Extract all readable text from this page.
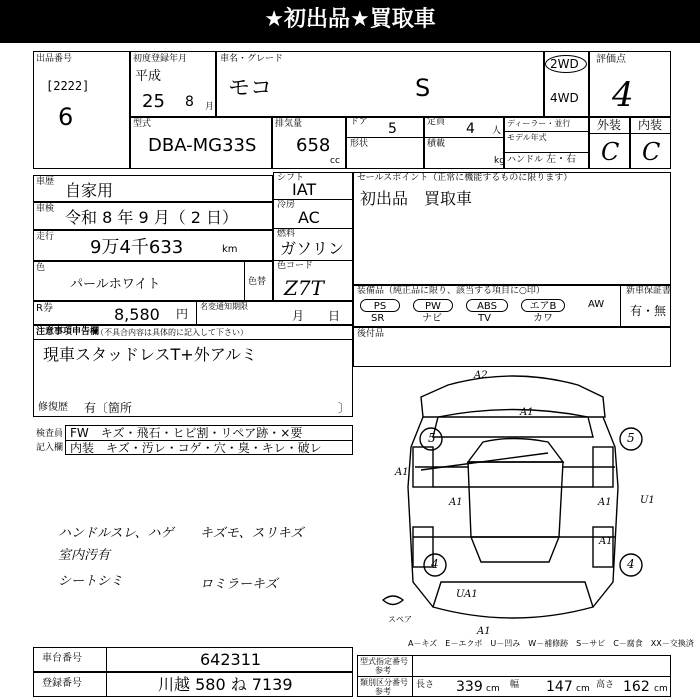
★初出品★買取車
出品番号
[2222]
6
初度登録年月
平成
25 8 月
車名・グレード
モコ	S
2WD
4WD
評価点
4
外装 内装
C C
型式
DBA-MG33S
排気量
658
cc
ドア 5
形状
定員 4 人
積載
kg
ディーラー・並行
モデル年式
ハンドル 左・右
車歴 自家用
車検 令和 8 年 9 月（ 2 日）
走行 9万4千633	km
色
パールホワイト	色替
R券	8,580 円
名変通知期限
月 日
シフト
IAT
冷房
AC
燃料
ガソリン
色コード
Z7T
注意事項申告欄
（不具合内容は具体的に記入して下さい）
現車スタッドレスT+外アルミ
修復歴 有〔箇所	〕
検査員
記入欄
FW　キズ・飛石・ヒビ割・リペア跡・×要
内装　キズ・汚レ・コゲ・穴・臭・キレ・破レ
ハンドルスレ、ハゲ
室内汚有
シートシミ
キズモ、スリキズ
ロミラーキズ
セールスポイント（正常に機能するものに限ります）
初出品　買取車
装備品（純正品に限り、該当する項目に○印）	新車保証書
有・無
PS
SR
PW
ナビ
ABS
TV
エアB
カワ
AW
後付品
A2
A1
A1
A1	A1
A1
UA1
A1
U1
5	5
4	4
スペア
A－キズ　E－エクボ　U－凹み　W－補修跡　S－サビ　C－腐食　XX－交換済
車台番号	642311
登録番号	川越 580 ね 7139
型式指定番号
参考
類別区分番号
参考
長さ 339 cm 幅 147 cm 高さ 162 cm
